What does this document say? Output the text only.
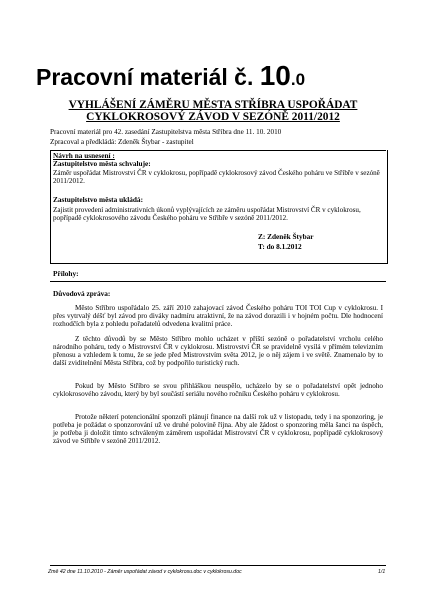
Pracovní materiál č. 10.0
VYHLÁŠENÍ ZÁMĚRU MĚSTA STŘÍBRA USPOŘÁDAT
CYKLOKROSOVÝ ZÁVOD V SEZÓNĚ 2011/2012
Pracovní materiál pro 42. zasedání Zastupitelstva města Stříbra dne 11. 10. 2010
Zpracoval a předkládá: Zdeněk Štybar - zastupitel
Návrh na usnesení :
Zastupitelstvo města schvaluje:
Záměr uspořádat Mistrovství ČR v cyklokrosu, popřípadě cyklokrosový závod Českého poháru ve Stříbře v sezóně 2011/2012.
Zastupitelstvo města ukládá:
Zajistit provedení administrativních úkonů vyplývajících ze záměru uspořádat Mistrovství ČR v cyklokrosu, popřípadě cyklokrosového závodu Českého poháru ve Stříbře v sezóně 2011/2012.
Z: Zdeněk Štybar
T: do 8.1.2012
Přílohy:
Důvodová zpráva:
Město Stříbro uspořádalo 25. září 2010 zahajovací závod Českého poháru TOI TOI Cup v cyklokrosu. I přes vytrvalý déšť byl závod pro diváky nadmíru atraktivní, že na závod dorazili i v hojném počtu. Dle hodnocení rozhodčích byla z pohledu pořadatelů odvedena kvalitní práce.
Z těchto důvodů by se Město Stříbro mohlo ucházet v příští sezóně o pořadatelství vrcholu celého národního poháru, tedy o Mistrovství ČR v cyklokrosu. Mistrovství ČR se pravidelně vysílá v přímém televizním přenosu a vzhledem k tomu, že se jede před Mistrovstvím světa 2012, je o něj zájem i ve světě. Znamenalo by to další zviditelnění Města Stříbra, což by podpořilo turistický ruch.
Pokud by Město Stříbro se svou přihláškou neuspělo, ucházelo by se o pořadatelství opět jednoho cyklokrosového závodu, který by byl součástí seriálu nového ročníku Českého poháru v cyklokrosu.
Protože některí potencionální sponzoři plánují finance na další rok už v listopadu, tedy i na sponzoring, je potřeba je požádat o sponzorování už ve druhé polovině října. Aby ale žádost o sponzoring měla šanci na úspěch, je potřeba ji doložit tímto schváleným záměrem uspořádat Mistrovství ČR v cyklokrosu, popřípadě cyklokrosový závod ve Stříbře v sezóně 2011/2012.
Změ 42 dne 11.10.2010 - Záměr uspořádat závod v cyklokrosu.doc v cyklokrosu.doc	1/1
